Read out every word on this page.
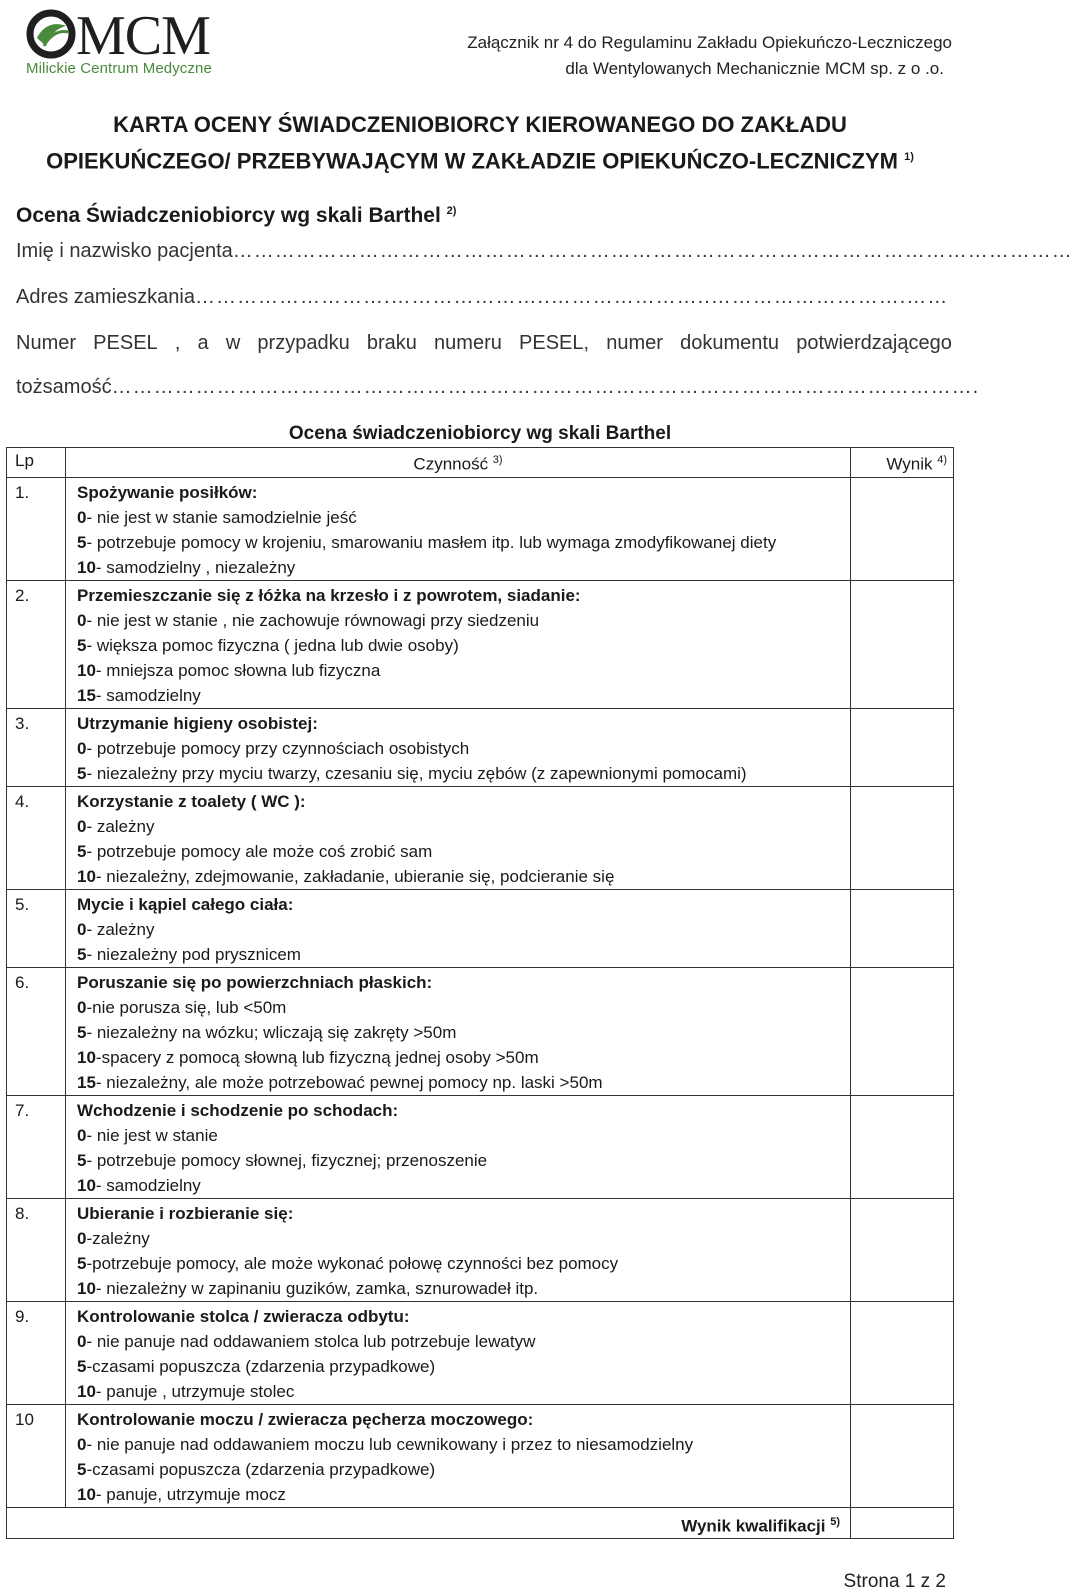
MCM
Milickie Centrum Medyczne
Załącznik nr 4 do Regulaminu Zakładu Opiekuńczo-Leczniczego
dla Wentylowanych Mechanicznie MCM sp. z o .o.
KARTA OCENY ŚWIADCZENIOBIORCY KIEROWANEGO DO ZAKŁADU
OPIEKUŃCZEGO/ PRZEBYWAJĄCYM W ZAKŁADZIE OPIEKUŃCZO-LECZNICZYM $^{1)}$
Ocena Świadczeniobiorcy wg skali Barthel $^{2)}$
Imię i nazwisko pacjenta…………………………………………………………………………………………………………
Adres zamieszkania……………………….…………………..…………………..……………………….……
Numer PESEL , a w przypadku braku numeru PESEL, numer dokumentu potwierdzającego
tożsamość…………………………………………………………………………………………………………….
Ocena świadczeniobiorcy wg skali Barthel
Lp	Czynność $^{3)}$	Wynik $^{4)}$
1.	Spożywanie posiłków:
0- nie jest w stanie samodzielnie jeść
5- potrzebuje pomocy w krojeniu, smarowaniu masłem itp. lub wymaga zmodyfikowanej diety
10- samodzielny , niezależny	

2.	Przemieszczanie się z łóżka na krzesło i z powrotem, siadanie:
0- nie jest w stanie , nie zachowuje równowagi przy siedzeniu
5- większa pomoc fizyczna ( jedna lub dwie osoby)
10- mniejsza pomoc słowna lub fizyczna
15- samodzielny	

3.	Utrzymanie higieny osobistej:
0- potrzebuje pomocy przy czynnościach osobistych
5- niezależny przy myciu twarzy, czesaniu się, myciu zębów (z zapewnionymi pomocami)	

4.	Korzystanie z toalety ( WC ):
0- zależny
5- potrzebuje pomocy ale może coś zrobić sam
10- niezależny, zdejmowanie, zakładanie, ubieranie się, podcieranie się	

5.	Mycie i kąpiel całego ciała:
0- zależny
5- niezależny pod prysznicem	

6.	Poruszanie się po powierzchniach płaskich:
0-nie porusza się, lub <50m
5- niezależny na wózku; wliczają się zakręty >50m
10-spacery z pomocą słowną lub fizyczną jednej osoby >50m
15- niezależny, ale może potrzebować pewnej pomocy np. laski >50m	

7.	Wchodzenie i schodzenie po schodach:
0- nie jest w stanie
5- potrzebuje pomocy słownej, fizycznej; przenoszenie
10- samodzielny	

8.	Ubieranie i rozbieranie się:
0-zależny
5-potrzebuje pomocy, ale może wykonać połowę czynności bez pomocy
10- niezależny w zapinaniu guzików, zamka, sznurowadeł itp.	

9.	Kontrolowanie stolca / zwieracza odbytu:
0- nie panuje nad oddawaniem stolca lub potrzebuje lewatyw
5-czasami popuszcza (zdarzenia przypadkowe)
10- panuje , utrzymuje stolec	

10	Kontrolowanie moczu / zwieracza pęcherza moczowego:
0- nie panuje nad oddawaniem moczu lub cewnikowany i przez to niesamodzielny
5-czasami popuszcza (zdarzenia przypadkowe)
10- panuje, utrzymuje mocz	

	Wynik kwalifikacji $^{5)}$	
Strona 1 z 2
